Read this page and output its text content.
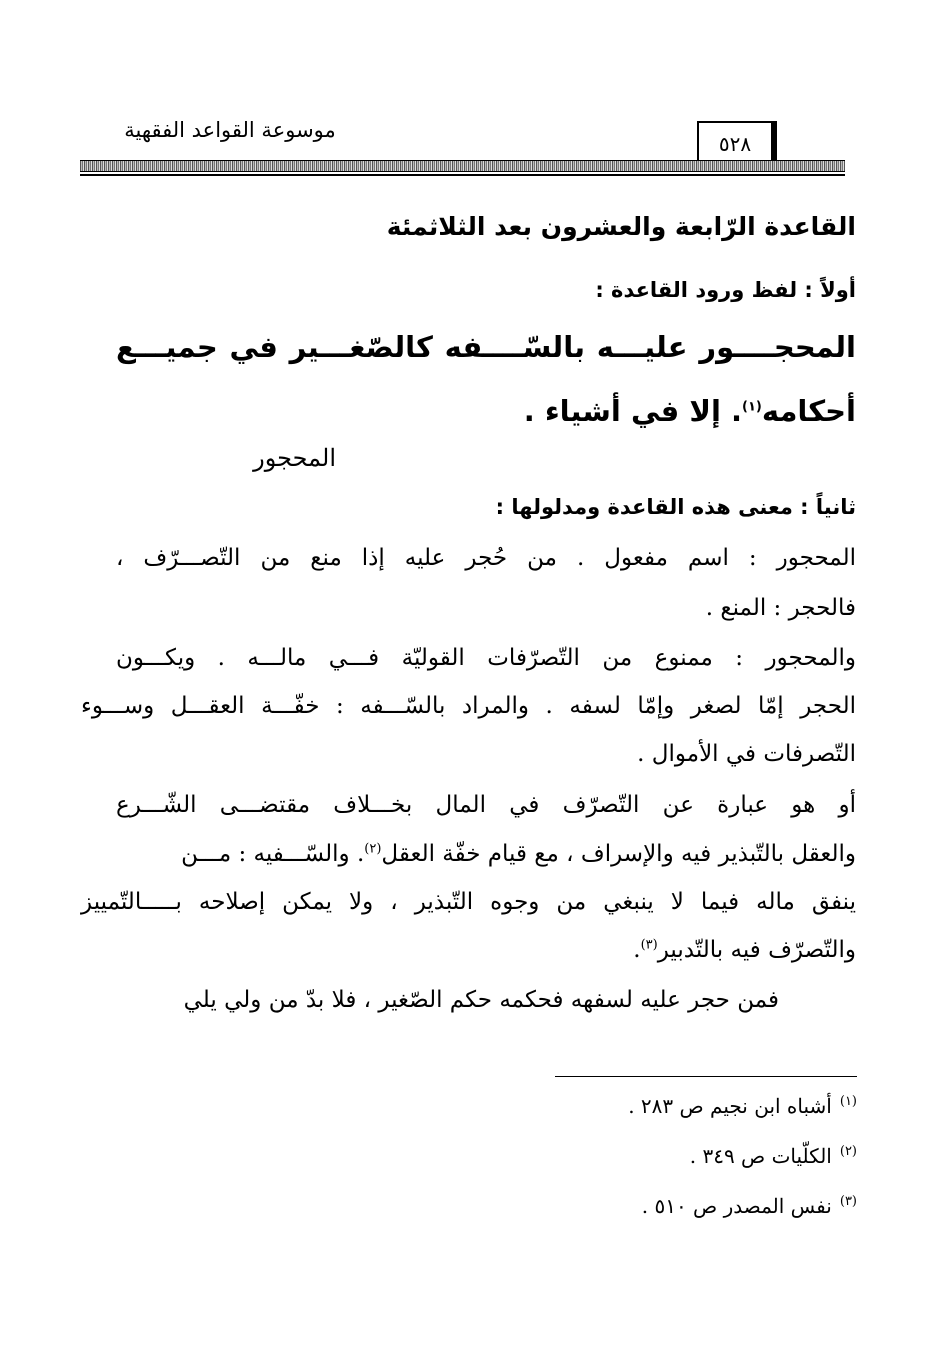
موسوعة القواعد الفقهية
٥٢٨
القاعدة الرّابعة والعشرون بعد الثلاثمئة
أولاً : لفظ ورود القاعدة :
المحجــــور عليـــه بالسّــــفه كالصّغـــير في جميـــع
أحكامه$^{(١)}$. إلا في أشياء .
المحجور
ثانياً : معنى هذه القاعدة ومدلولها :
المحجور : اسم مفعول . من حُجر عليه إذا منع من التّصـــرّف ،
فالحجر : المنع .
والمحجور : ممنوع من التّصرّفات القوليّة فـــي مالـــه . ويكـــون
الحجر إمّا لصغر وإمّا لسفه . والمراد بالسّـــفه : خفّـــة العقـــل وســـوء
التّصرفات في الأموال .
أو هو عبارة عن التّصرّف في المال بخـــلاف مقتضـــى الشّـــرع
والعقل بالتّبذير فيه والإسراف ، مع قيام خفّة العقل$^{(٢)}$. والسّـــفيه : مـــن
ينفق ماله فيما لا ينبغي من وجوه التّبذير ، ولا يمكن إصلاحه بـــــالتّمييز
والتّصرّف فيه بالتّدبير$^{(٣)}$.
فمن حجر عليه لسفهه فحكمه حكم الصّغير ، فلا بدّ من ولي يلي
$^{(١)}$أشباه ابن نجيم ص ٢٨٣ .
$^{(٢)}$الكلّيات ص ٣٤٩ .
$^{(٣)}$نفس المصدر ص ٥١٠ .
